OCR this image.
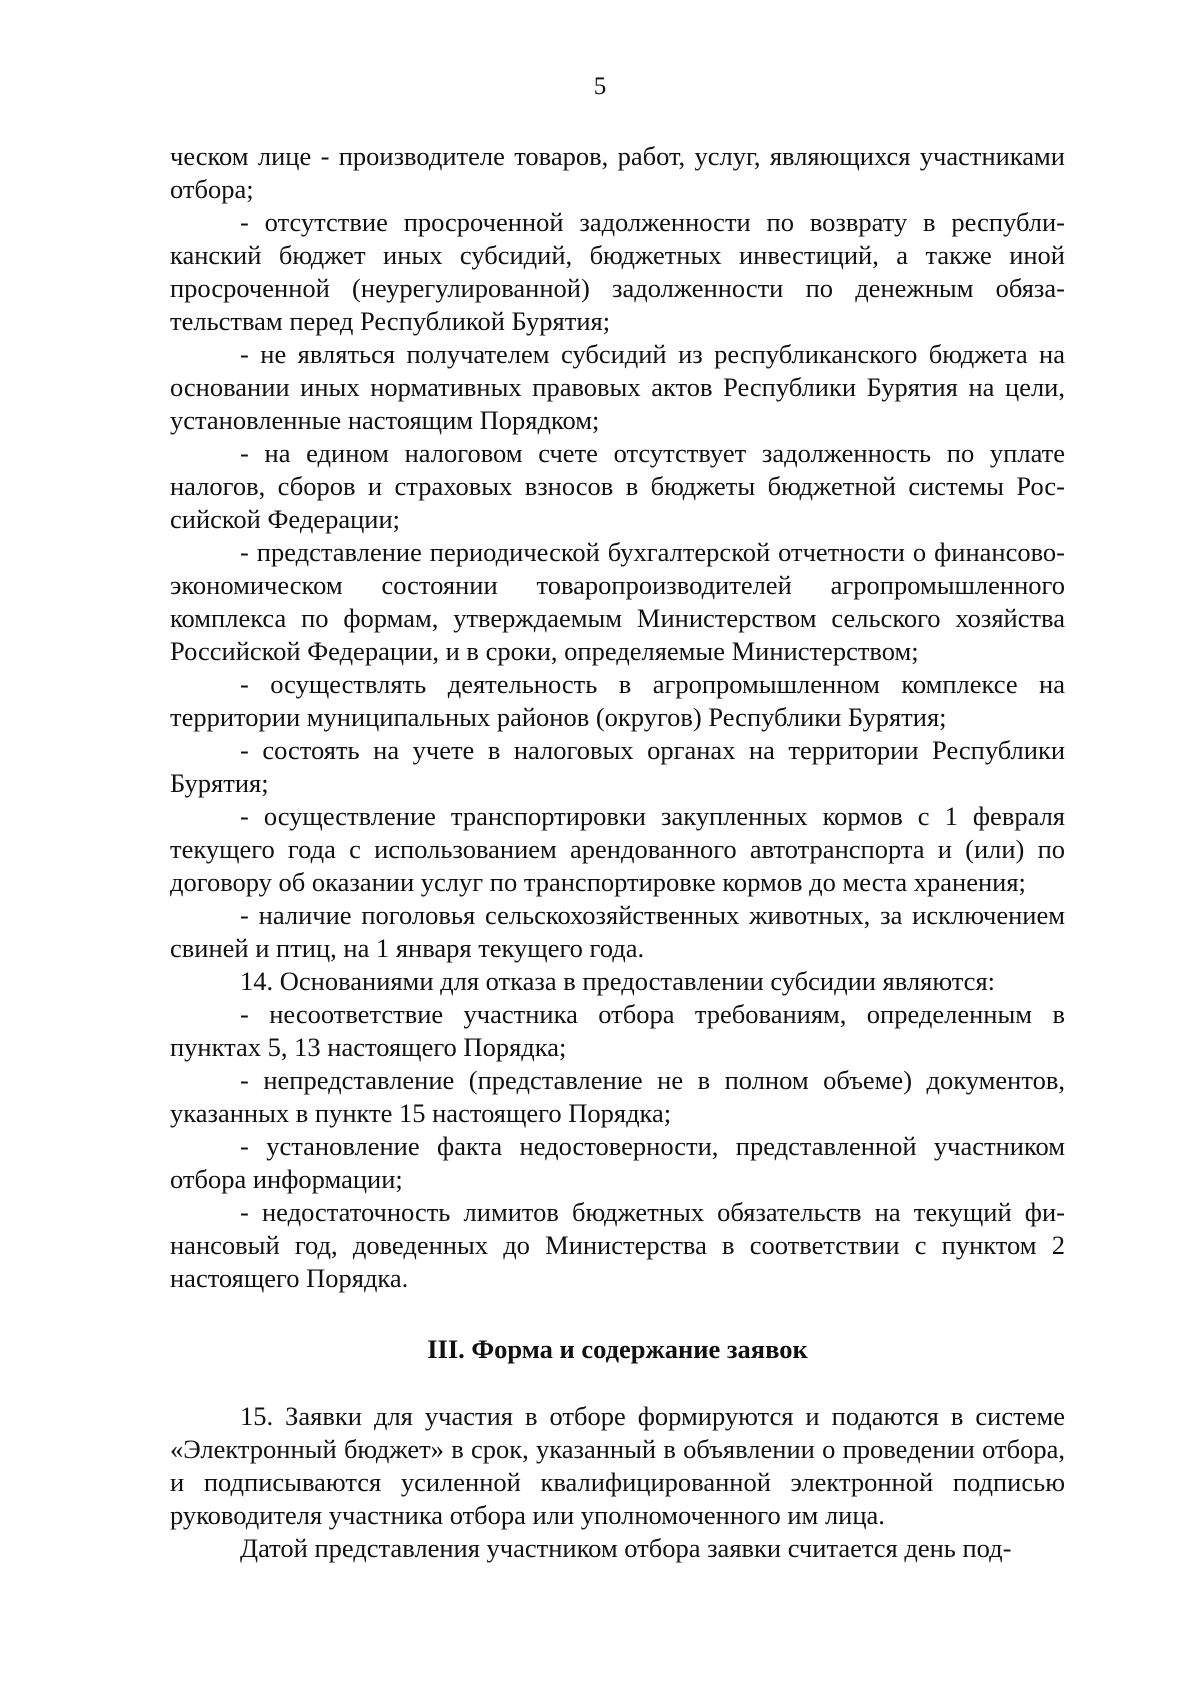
5

ческом лице - производителе товаров, работ, услуг, являющихся участниками отбора;

- отсутствие просроченной задолженности по возврату в республиканский бюджет иных субсидий, бюджетных инвестиций, а также иной просроченной (неурегулированной) задолженности по денежным обязательствам перед Республикой Бурятия;

- не являться получателем субсидий из республиканского бюджета на основании иных нормативных правовых актов Республики Бурятия на цели, установленные настоящим Порядком;

- на едином налоговом счете отсутствует задолженность по уплате налогов, сборов и страховых взносов в бюджеты бюджетной системы Российской Федерации;

- представление периодической бухгалтерской отчетности о финансово-экономическом состоянии товаропроизводителей агропромышленного комплекса по формам, утверждаемым Министерством сельского хозяйства Российской Федерации, и в сроки, определяемые Министерством;

- осуществлять деятельность в агропромышленном комплексе на территории муниципальных районов (округов) Республики Бурятия;

- состоять на учете в налоговых органах на территории Республики Бурятия;

- осуществление транспортировки закупленных кормов с 1 февраля текущего года с использованием арендованного автотранспорта и (или) по договору об оказании услуг по транспортировке кормов до места хранения;

- наличие поголовья сельскохозяйственных животных, за исключением свиней и птиц, на 1 января текущего года.

14. Основаниями для отказа в предоставлении субсидии являются:

- несоответствие участника отбора требованиям, определенным в пунктах 5, 13 настоящего Порядка;

- непредставление (представление не в полном объеме) документов, указанных в пункте 15 настоящего Порядка;

- установление факта недостоверности, представленной участником отбора информации;

- недостаточность лимитов бюджетных обязательств на текущий финансовый год, доведенных до Министерства в соответствии с пунктом 2 настоящего Порядка.

III. Форма и содержание заявок

15. Заявки для участия в отборе формируются и подаются в системе «Электронный бюджет» в срок, указанный в объявлении о проведении отбора, и подписываются усиленной квалифицированной электронной подписью руководителя участника отбора или уполномоченного им лица.

Датой представления участником отбора заявки считается день под-
